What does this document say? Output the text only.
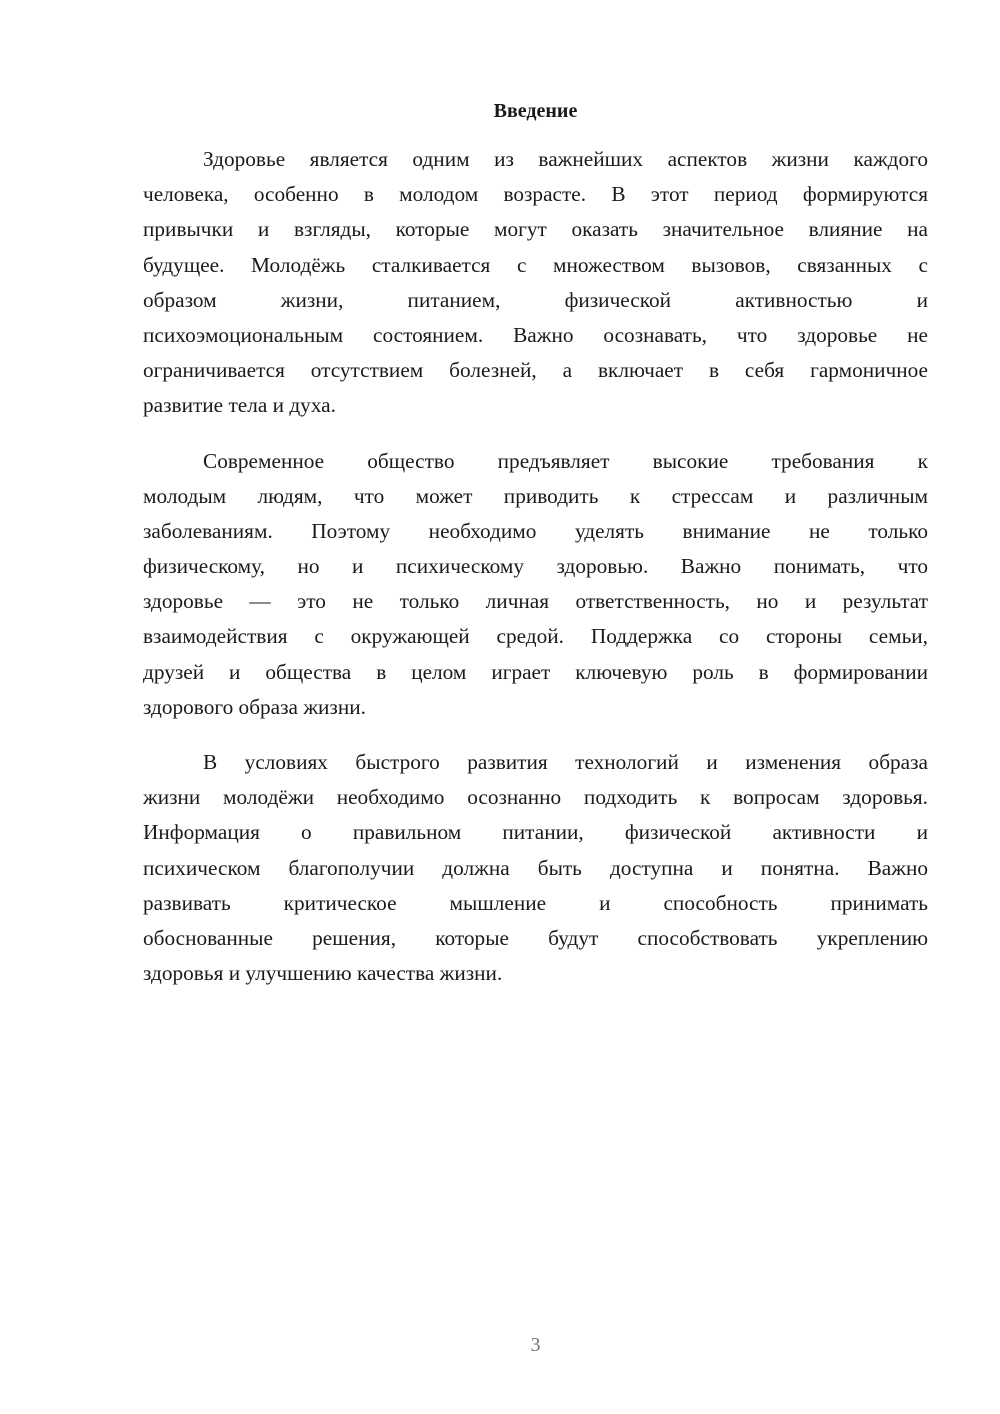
Введение

Здоровье является одним из важнейших аспектов жизни каждого
человека, особенно в молодом возрасте. В этот период формируются
привычки и взгляды, которые могут оказать значительное влияние на
будущее. Молодёжь сталкивается с множеством вызовов, связанных с
образом жизни, питанием, физической активностью и
психоэмоциональным состоянием. Важно осознавать, что здоровье не
ограничивается отсутствием болезней, а включает в себя гармоничное
развитие тела и духа.

Современное общество предъявляет высокие требования к
молодым людям, что может приводить к стрессам и различным
заболеваниям. Поэтому необходимо уделять внимание не только
физическому, но и психическому здоровью. Важно понимать, что
здоровье — это не только личная ответственность, но и результат
взаимодействия с окружающей средой. Поддержка со стороны семьи,
друзей и общества в целом играет ключевую роль в формировании
здорового образа жизни.

В условиях быстрого развития технологий и изменения образа
жизни молодёжи необходимо осознанно подходить к вопросам здоровья.
Информация о правильном питании, физической активности и
психическом благополучии должна быть доступна и понятна. Важно
развивать критическое мышление и способность принимать
обоснованные решения, которые будут способствовать укреплению
здоровья и улучшению качества жизни.

3
